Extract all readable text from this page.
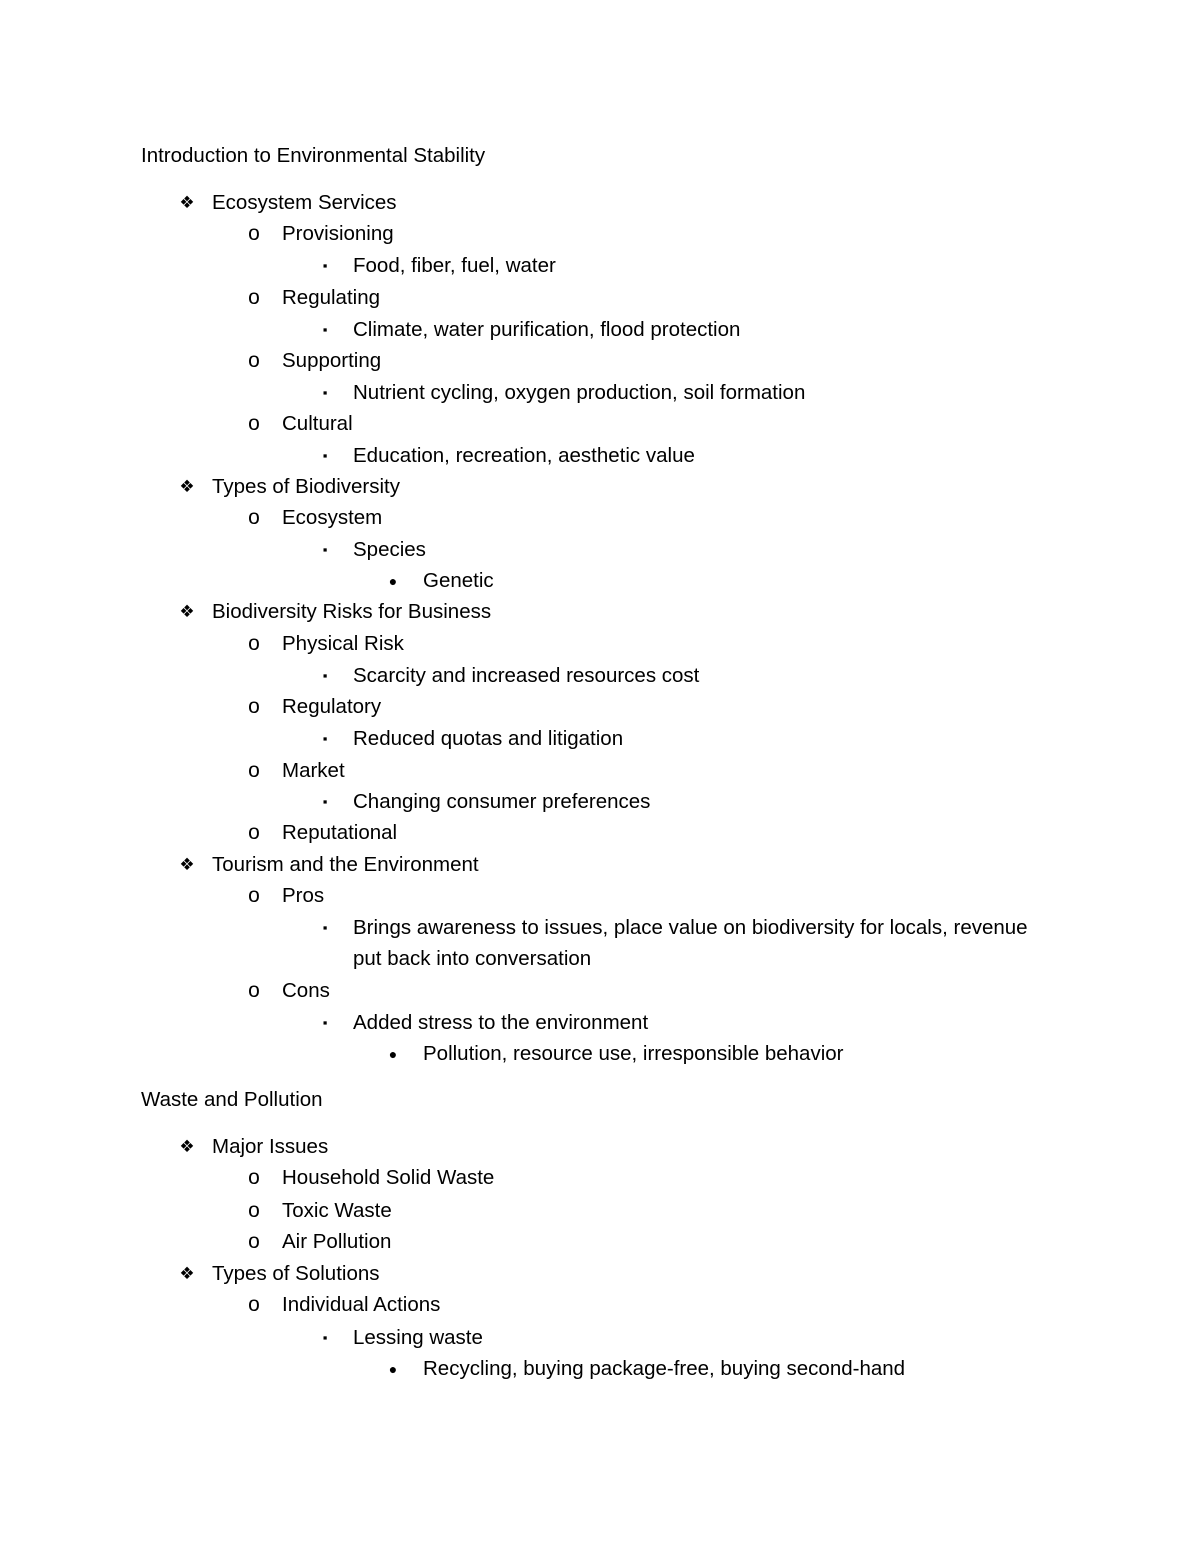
Introduction to Environmental Stability
❖ Ecosystem Services
o Provisioning
▪	Food, fiber, fuel, water
o Regulating
▪	Climate, water purification, flood protection
o Supporting
▪	Nutrient cycling, oxygen production, soil formation
o Cultural
▪	Education, recreation, aesthetic value
❖ Types of Biodiversity
o Ecosystem
▪	Species
● Genetic
❖ Biodiversity Risks for Business
o Physical Risk
▪	Scarcity and increased resources cost
o Regulatory
▪	Reduced quotas and litigation
o Market
▪	Changing consumer preferences
o Reputational
❖ Tourism and the Environment
o Pros
▪	Brings awareness to issues, place value on biodiversity for locals, revenue
put back into conversation
o Cons
▪	Added stress to the environment
● Pollution, resource use, irresponsible behavior
Waste and Pollution
❖ Major Issues
o Household Solid Waste
o Toxic Waste
o Air Pollution
❖ Types of Solutions
o Individual Actions
▪	Lessing waste
● Recycling, buying package-free, buying second-hand
